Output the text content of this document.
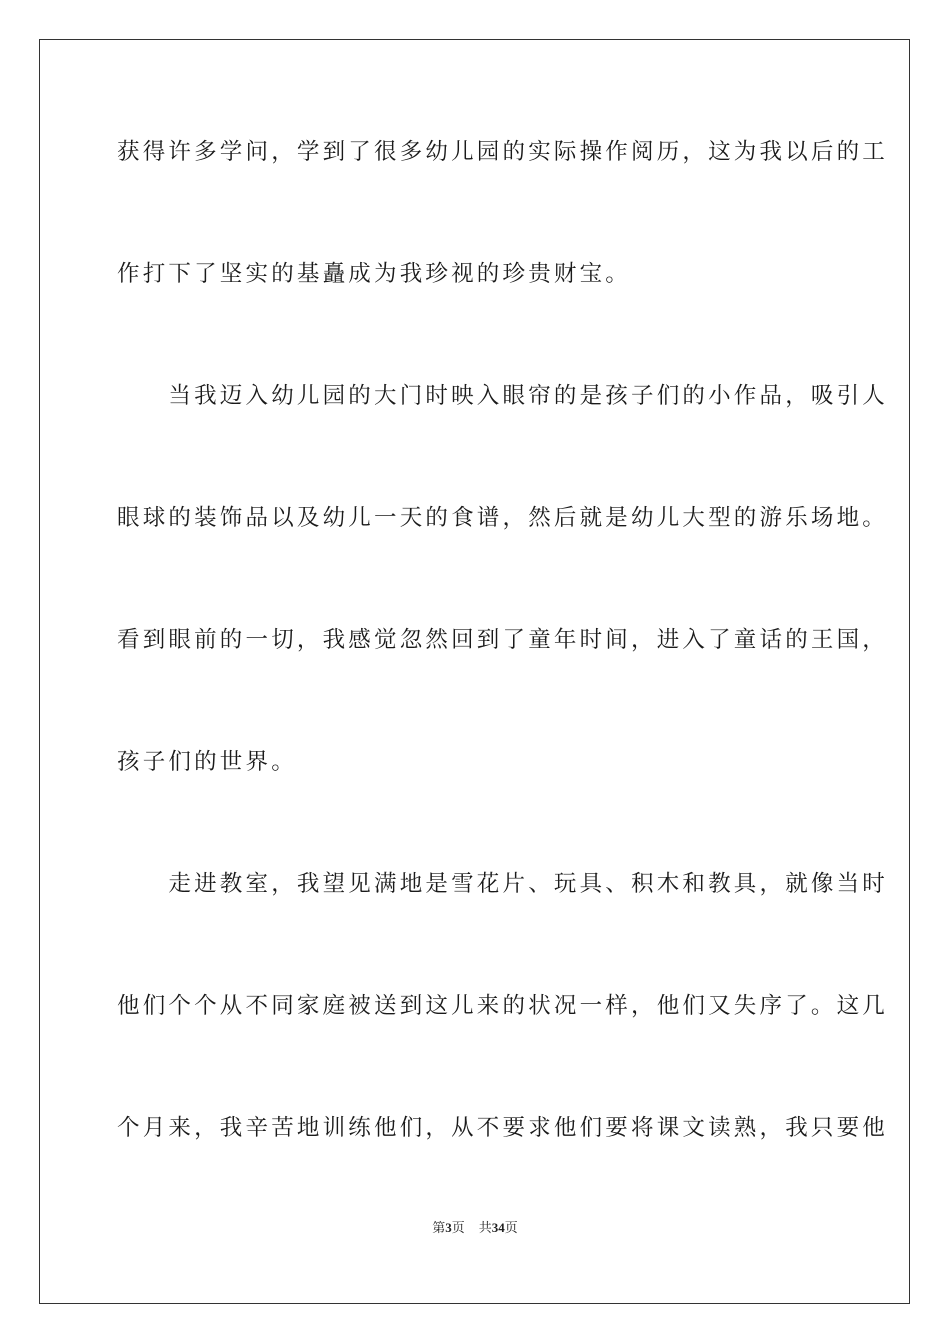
获得许多学问，学到了很多幼儿园的实际操作阅历，这为我以后的工
作打下了坚实的基矗成为我珍视的珍贵财宝。
　　当我迈入幼儿园的大门时映入眼帘的是孩子们的小作品，吸引人
眼球的装饰品以及幼儿一天的食谱，然后就是幼儿大型的游乐场地。
看到眼前的一切，我感觉忽然回到了童年时间，进入了童话的王国，
孩子们的世界。
　　走进教室，我望见满地是雪花片、玩具、积木和教具，就像当时
他们个个从不同家庭被送到这儿来的状况一样，他们又失序了。这几
个月来，我辛苦地训练他们，从不要求他们要将课文读熟，我只要他
第3页 共34页
